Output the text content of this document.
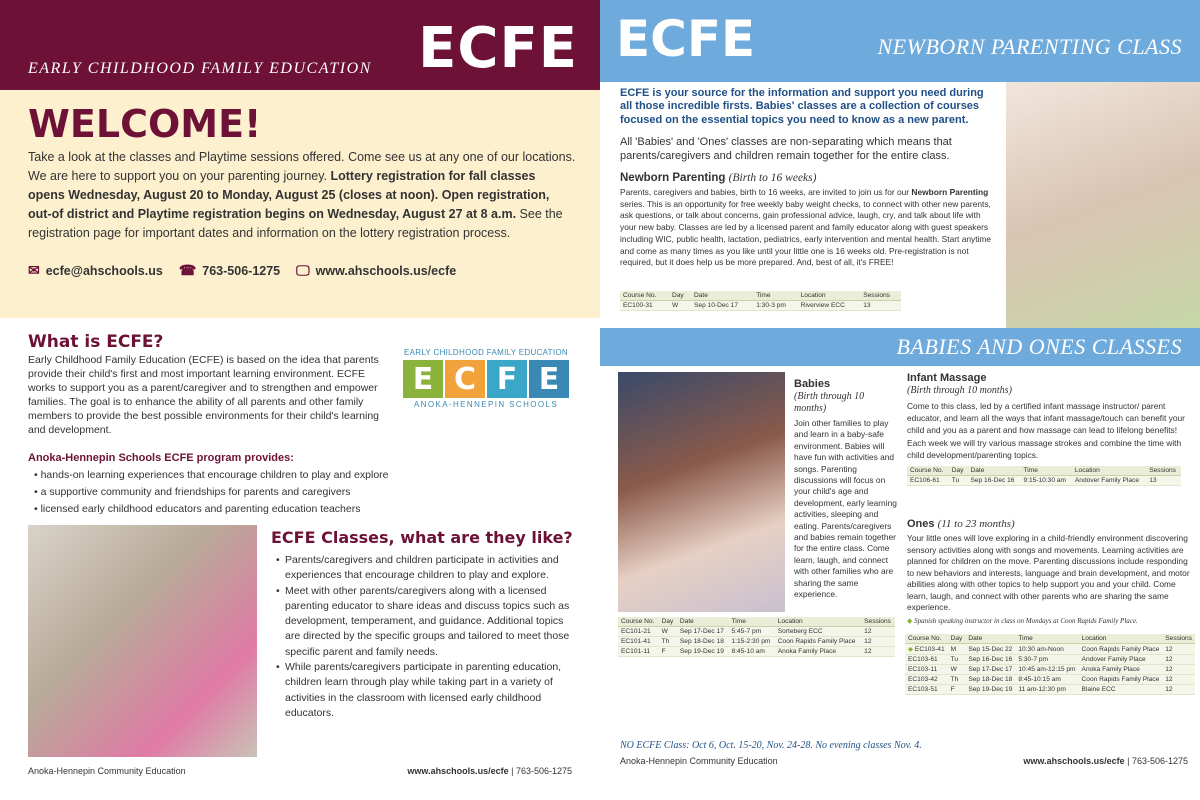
ECFE
EARLY CHILDHOOD FAMILY EDUCATION
WELCOME!
Take a look at the classes and Playtime sessions offered. Come see us at any one of our locations.
We are here to support you on your parenting journey. Lottery registration for fall classes
opens Wednesday, August 20 to Monday, August 25 (closes at noon). Open registration,
out-of district and Playtime registration begins on Wednesday, August 27 at 8 a.m. See the
registration page for important dates and information on the lottery registration process.
✉ ecfe@ahschools.us ☎ 763-506-1275 🖵 www.ahschools.us/ecfe
What is ECFE?
Early Childhood Family Education (ECFE) is based on the idea that parents provide their child's first and most important learning environment. ECFE works to support you as a parent/caregiver and to strengthen and empower families. The goal is to enhance the ability of all parents and other family members to provide the best possible environments for their child's learning and development.
EARLY CHILDHOOD FAMILY EDUCATION
E C F E
ANOKA-HENNEPIN SCHOOLS
Anoka-Hennepin Schools ECFE program provides:
• hands-on learning experiences that encourage children to play and explore
• a supportive community and friendships for parents and caregivers
• licensed early childhood educators and parenting education teachers
ECFE Classes, what are they like?
• Parents/caregivers and children participate in activities and experiences that encourage children to play and explore.
• Meet with other parents/caregivers along with a licensed parenting educator to share ideas and discuss topics such as development, temperament, and guidance. Additional topics are directed by the specific groups and tailored to meet those specific parent and family needs.
• While parents/caregivers participate in parenting education, children learn through play while taking part in a variety of activities in the classroom with licensed early childhood educators.
Anoka-Hennepin Community Education	www.ahschools.us/ecfe | 763-506-1275
ECFE	NEWBORN PARENTING CLASS
ECFE is your source for the information and support you need during all those incredible firsts. Babies' classes are a collection of courses focused on the essential topics you need to know as a new parent.
All 'Babies' and 'Ones' classes are non-separating which means that parents/caregivers and children remain together for the entire class.
Newborn Parenting (Birth to 16 weeks)
Parents, caregivers and babies, birth to 16 weeks, are invited to join us for our Newborn Parenting series. This is an opportunity for free weekly baby weight checks, to connect with other new parents, ask questions, or talk about concerns, gain professional advice, laugh, cry, and talk about life with your new baby. Classes are led by a licensed parent and family educator along with guest speakers including WIC, public health, lactation, pediatrics, early intervention and mental health. Start anytime and come as many times as you like until your little one is 16 weeks old. Pre-registration is not required, but it does help us be more prepared. And, best of all, it's FREE!
Course No.	Day	Date	Time	Location	Sessions
EC100-31	W	Sep 10-Dec 17	1:30-3 pm	Riverview ECC	13
BABIES AND ONES CLASSES
Babies
(Birth through 10 months)
Join other families to play and learn in a baby-safe environment. Babies will have fun with activities and songs. Parenting discussions will focus on your child's age and development, early learning activities, sleeping and eating. Parents/caregivers and babies remain together for the entire class. Come learn, laugh, and connect with other families who are sharing the same experience.
Course No.	Day	Date	Time	Location	Sessions
EC101-21	W	Sep 17-Dec 17	5:45-7 pm	Sorteberg ECC	12
EC101-41	Th	Sep 18-Dec 18	1:15-2:30 pm	Coon Rapids Family Place	12
EC101-11	F	Sep 19-Dec 19	8:45-10 am	Anoka Family Place	12
Infant Massage
(Birth through 10 months)
Come to this class, led by a certified infant massage instructor/ parent educator, and learn all the ways that infant massage/touch can benefit your child and you as a parent and how massage can lead to lifelong benefits! Each week we will try various massage strokes and combine the time with child development/parenting topics.
Course No.	Day	Date	Time	Location	Sessions
EC106-61	Tu	Sep 16-Dec 16	9:15-10:30 am	Andover Family Place	13
Ones (11 to 23 months)
Your little ones will love exploring in a child-friendly environment discovering sensory activities along with songs and movements. Learning activities are planned for children on the move. Parenting discussions include responding to new behaviors and interests, language and brain development, and motor abilities along with other topics to help support you and your child. Come learn, laugh, and connect with other parents who are sharing the same experience.
◆ Spanish speaking instructor in class on Mondays at Coon Rapids Family Place.
Course No.	Day	Date	Time	Location	Sessions
◆ EC103-41	M	Sep 15-Dec 22	10:30 am-Noon	Coon Rapids Family Place	12
EC103-61	Tu	Sep 16-Dec 16	5:30-7 pm	Andover Family Place	12
EC103-11	W	Sep 17-Dec 17	10:45 am-12:15 pm	Anoka Family Place	12
EC103-42	Th	Sep 18-Dec 18	8:45-10:15 am	Coon Rapids Family Place	12
EC103-51	F	Sep 19-Dec 19	11 am-12:30 pm	Blaine ECC	12
NO ECFE Class: Oct 6, Oct. 15-20, Nov. 24-28. No evening classes Nov. 4.
Anoka-Hennepin Community Education	www.ahschools.us/ecfe | 763-506-1275
